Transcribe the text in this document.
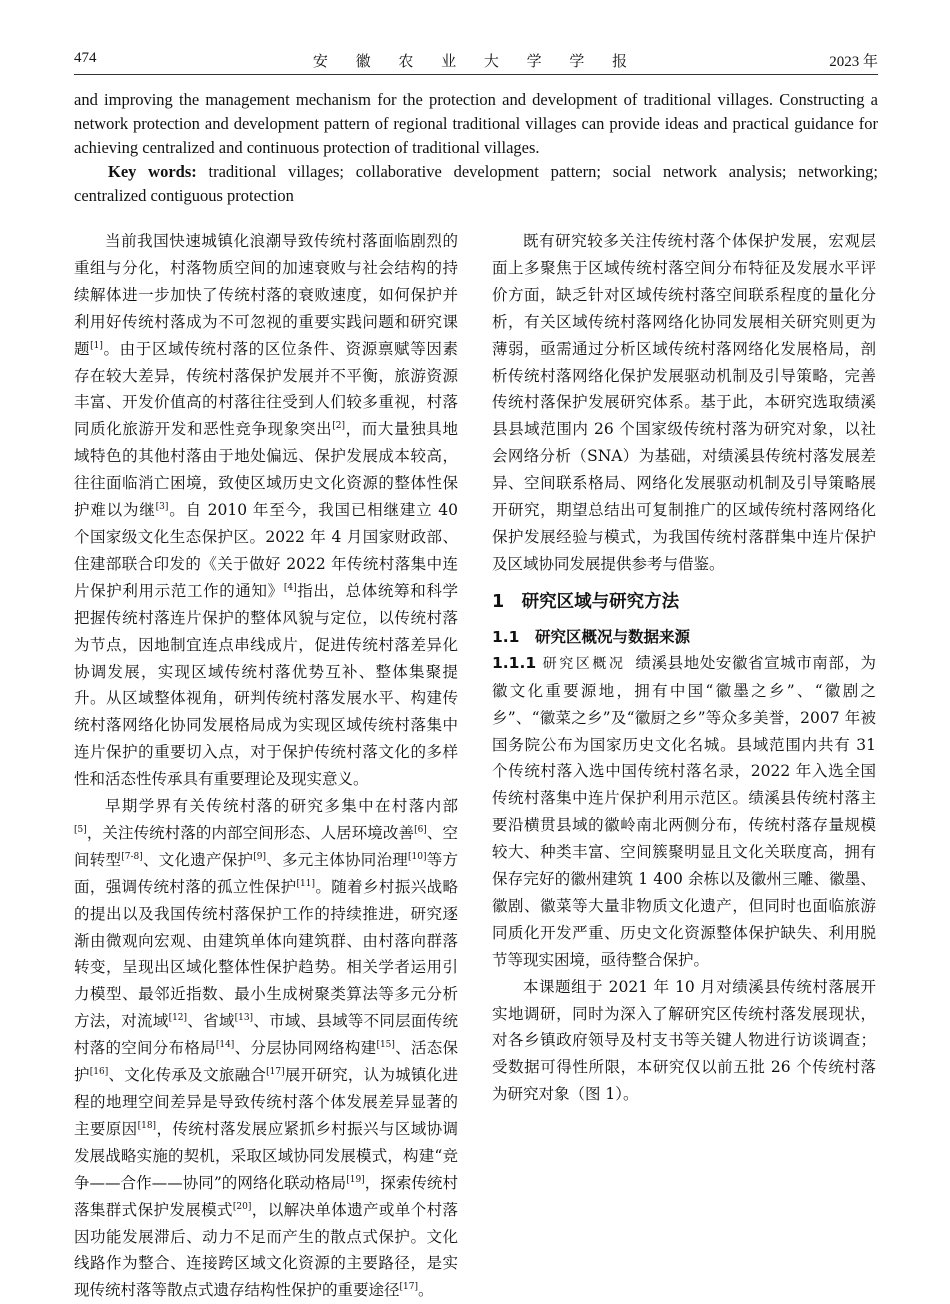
474	安 徽 农 业 大 学 学 报	2023 年

and improving the management mechanism for the protection and development of traditional villages. Constructing a network protection and development pattern of regional traditional villages can provide ideas and practical guidance for achieving centralized and continuous protection of traditional villages.

Key words: traditional villages; collaborative development pattern; social network analysis; networking; centralized contiguous protection

当前我国快速城镇化浪潮导致传统村落面临剧烈的重组与分化，村落物质空间的加速衰败与社会结构的持续解体进一步加快了传统村落的衰败速度，如何保护并利用好传统村落成为不可忽视的重要实践问题和研究课题[1]。由于区域传统村落的区位条件、资源禀赋等因素存在较大差异，传统村落保护发展并不平衡，旅游资源丰富、开发价值高的村落往往受到人们较多重视，村落同质化旅游开发和恶性竞争现象突出[2]，而大量独具地域特色的其他村落由于地处偏远、保护发展成本较高，往往面临消亡困境，致使区域历史文化资源的整体性保护难以为继[3]。自 2010 年至今，我国已相继建立 40 个国家级文化生态保护区。2022 年 4 月国家财政部、住建部联合印发的《关于做好 2022 年传统村落集中连片保护利用示范工作的通知》[4]指出，总体统筹和科学把握传统村落连片保护的整体风貌与定位，以传统村落为节点，因地制宜连点串线成片，促进传统村落差异化协调发展，实现区域传统村落优势互补、整体集聚提升。从区域整体视角，研判传统村落发展水平、构建传统村落网络化协同发展格局成为实现区域传统村落集中连片保护的重要切入点，对于保护传统村落文化的多样性和活态性传承具有重要理论及现实意义。

早期学界有关传统村落的研究多集中在村落内部[5]，关注传统村落的内部空间形态、人居环境改善[6]、空间转型[7-8]、文化遗产保护[9]、多元主体协同治理[10]等方面，强调传统村落的孤立性保护[11]。随着乡村振兴战略的提出以及我国传统村落保护工作的持续推进，研究逐渐由微观向宏观、由建筑单体向建筑群、由村落向群落转变，呈现出区域化整体性保护趋势。相关学者运用引力模型、最邻近指数、最小生成树聚类算法等多元分析方法，对流域[12]、省域[13]、市域、县域等不同层面传统村落的空间分布格局[14]、分层协同网络构建[15]、活态保护[16]、文化传承及文旅融合[17]展开研究，认为城镇化进程的地理空间差异是导致传统村落个体发展差异显著的主要原因[18]，传统村落发展应紧抓乡村振兴与区域协调发展战略实施的契机，采取区域协同发展模式，构建“竞争——合作——协同”的网络化联动格局[19]，探索传统村落集群式保护发展模式[20]，以解决单体遗产或单个村落因功能发展滞后、动力不足而产生的散点式保护。文化线路作为整合、连接跨区域文化资源的主要路径，是实现传统村落等散点式遗存结构性保护的重要途径[17]。

既有研究较多关注传统村落个体保护发展，宏观层面上多聚焦于区域传统村落空间分布特征及发展水平评价方面，缺乏针对区域传统村落空间联系程度的量化分析，有关区域传统村落网络化协同发展相关研究则更为薄弱，亟需通过分析区域传统村落网络化发展格局，剖析传统村落网络化保护发展驱动机制及引导策略，完善传统村落保护发展研究体系。基于此，本研究选取绩溪县县域范围内 26 个国家级传统村落为研究对象，以社会网络分析（SNA）为基础，对绩溪县传统村落发展差异、空间联系格局、网络化发展驱动机制及引导策略展开研究，期望总结出可复制推广的区域传统村落网络化保护发展经验与模式，为我国传统村落群集中连片保护及区域协同发展提供参考与借鉴。

1　研究区域与研究方法
1.1　研究区概况与数据来源

1.1.1 研究区概况 绩溪县地处安徽省宣城市南部，为徽文化重要源地，拥有中国“徽墨之乡”、“徽剧之乡”、“徽菜之乡”及“徽厨之乡”等众多美誉，2007 年被国务院公布为国家历史文化名城。县域范围内共有 31 个传统村落入选中国传统村落名录，2022 年入选全国传统村落集中连片保护利用示范区。绩溪县传统村落主要沿横贯县域的徽岭南北两侧分布，传统村落存量规模较大、种类丰富、空间簇聚明显且文化关联度高，拥有保存完好的徽州建筑 1 400 余栋以及徽州三雕、徽墨、徽剧、徽菜等大量非物质文化遗产，但同时也面临旅游同质化开发严重、历史文化资源整体保护缺失、利用脱节等现实困境，亟待整合保护。

本课题组于 2021 年 10 月对绩溪县传统村落展开实地调研，同时为深入了解研究区传统村落发展现状，对各乡镇政府领导及村支书等关键人物进行访谈调查；受数据可得性所限，本研究仅以前五批 26 个传统村落为研究对象（图 1）。
